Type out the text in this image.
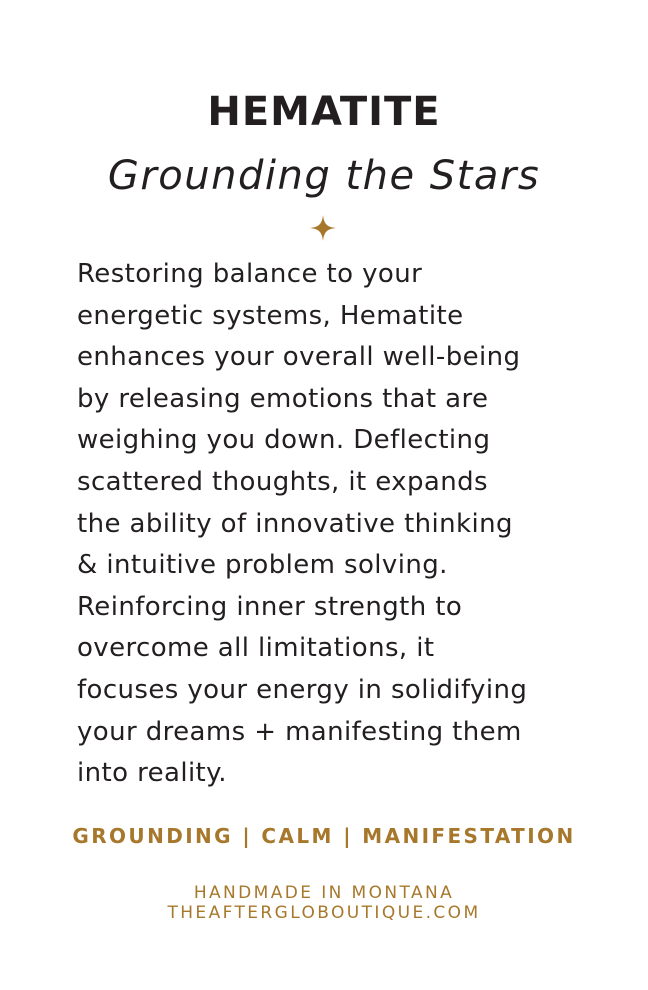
HEMATITE
Grounding the Stars

Restoring balance to your
energetic systems, Hematite
enhances your overall well-being
by releasing emotions that are
weighing you down. Deflecting
scattered thoughts, it expands
the ability of innovative thinking
& intuitive problem solving.
Reinforcing inner strength to
overcome all limitations, it
focuses your energy in solidifying
your dreams + manifesting them
into reality.

GROUNDING | CALM | MANIFESTATION
HANDMADE IN MONTANA
THEAFTERGLOBOUTIQUE.COM
